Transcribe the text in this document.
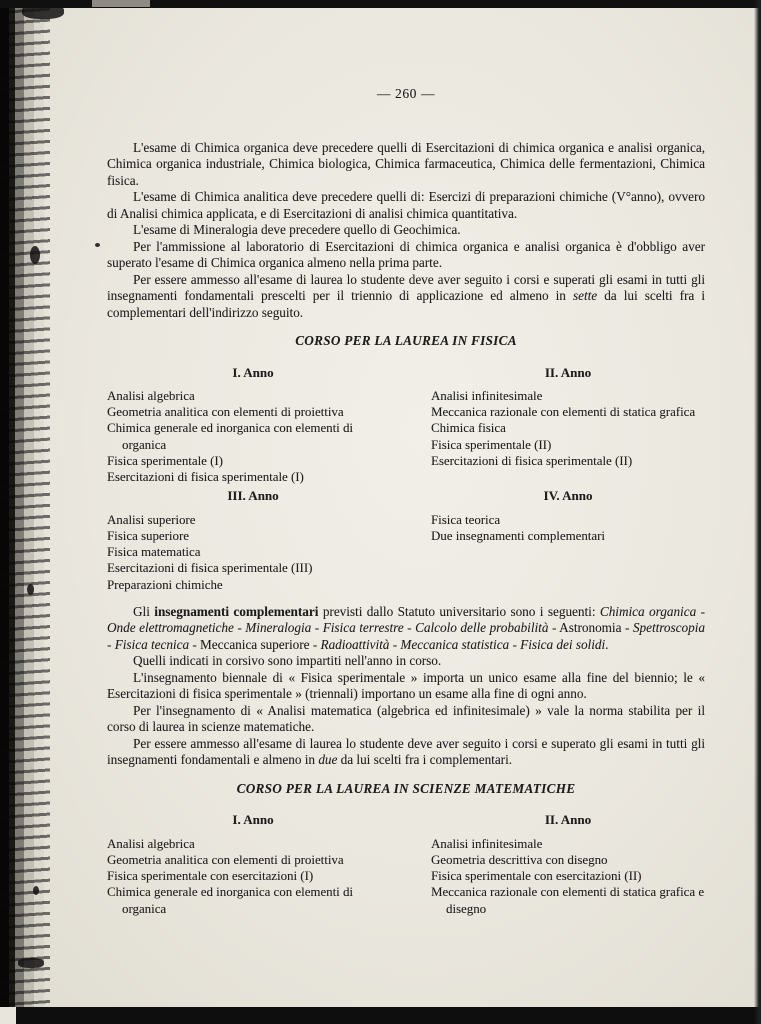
— 260 —

L'esame di Chimica organica deve precedere quelli di Esercitazioni di chimica organica e analisi organica, Chimica organica industriale, Chimica biologica, Chimica farmaceutica, Chimica delle fermentazioni, Chimica fisica.

L'esame di Chimica analitica deve precedere quelli di: Esercizi di preparazioni chimiche (V°anno), ovvero di Analisi chimica applicata, e di Esercitazioni di analisi chimica quantitativa.

L'esame di Mineralogia deve precedere quello di Geochimica.

Per l'ammissione al laboratorio di Esercitazioni di chimica organica e analisi organica è d'obbligo aver superato l'esame di Chimica organica almeno nella prima parte.

Per essere ammesso all'esame di laurea lo studente deve aver seguito i corsi e superati gli esami in tutti gli insegnamenti fondamentali prescelti per il triennio di applicazione ed almeno in sette da lui scelti fra i complementari dell'indirizzo seguito.

CORSO PER LA LAUREA IN FISICA
I. Anno
Analisi algebrica
Geometria analitica con elementi di proiettiva
Chimica generale ed inorganica con elementi di organica
Fisica sperimentale (I)
Esercitazioni di fisica sperimentale (I)
II. Anno
Analisi infinitesimale
Meccanica razionale con elementi di statica grafica
Chimica fisica
Fisica sperimentale (II)
Esercitazioni di fisica sperimentale (II)
III. Anno
Analisi superiore
Fisica superiore
Fisica matematica
Esercitazioni di fisica sperimentale (III)
Preparazioni chimiche
IV. Anno
Fisica teorica
Due insegnamenti complementari

Gli insegnamenti complementari previsti dallo Statuto universitario sono i seguenti: Chimica organica - Onde elettromagnetiche - Mineralogia - Fisica terrestre - Calcolo delle probabilità - Astronomia - Spettroscopia - Fisica tecnica - Meccanica superiore - Radioattività - Meccanica statistica - Fisica dei solidi.

Quelli indicati in corsivo sono impartiti nell'anno in corso.

L'insegnamento biennale di « Fisica sperimentale » importa un unico esame alla fine del biennio; le « Esercitazioni di fisica sperimentale » (triennali) importano un esame alla fine di ogni anno.

Per l'insegnamento di « Analisi matematica (algebrica ed infinitesimale) » vale la norma stabilita per il corso di laurea in scienze matematiche.

Per essere ammesso all'esame di laurea lo studente deve aver seguito i corsi e superato gli esami in tutti gli insegnamenti fondamentali e almeno in due da lui scelti fra i complementari.

CORSO PER LA LAUREA IN SCIENZE MATEMATICHE
I. Anno
Analisi algebrica
Geometria analitica con elementi di proiettiva
Fisica sperimentale con esercitazioni (I)
Chimica generale ed inorganica con elementi di organica
II. Anno
Analisi infinitesimale
Geometria descrittiva con disegno
Fisica sperimentale con esercitazioni (II)
Meccanica razionale con elementi di statica grafica e disegno
